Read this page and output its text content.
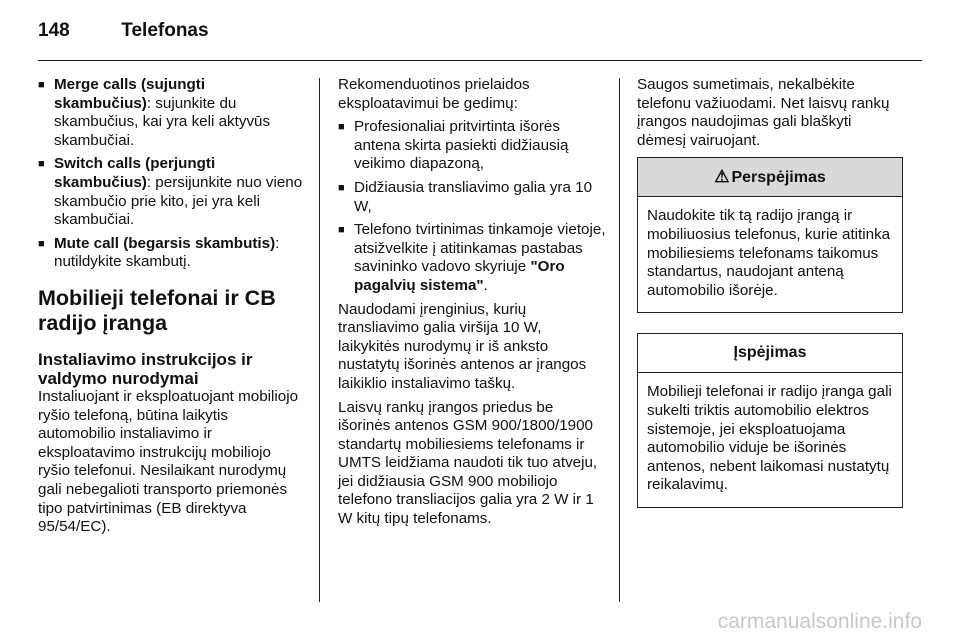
148	Telefonas
■ Merge calls (sujungti skambučius): sujunkite du skambučius, kai yra keli aktyvūs skambučiai.
■ Switch calls (perjungti skambučius): persijunkite nuo vieno skambučio prie kito, jei yra keli skambučiai.
■ Mute call (begarsis skambutis): nutildykite skambutį.
Mobilieji telefonai ir CB radijo įranga
Instaliavimo instrukcijos ir valdymo nurodymai

Instaliuojant ir eksploatuojant mobiliojo ryšio telefoną, būtina laikytis automobilio instaliavimo ir eksploatavimo instrukcijų mobiliojo ryšio telefonui. Nesilaikant nurodymų gali nebegalioti transporto priemonės tipo patvirtinimas (EB direktyva 95/54/EC).

Rekomenduotinos prielaidos eksploatavimui be gedimų:

■ Profesionaliai pritvirtinta išorės antena skirta pasiekti didžiausią veikimo diapazoną,
■ Didžiausia transliavimo galia yra 10 W,
■ Telefono tvirtinimas tinkamoje vietoje, atsižvelkite į atitinkamas pastabas savininko vadovo skyriuje "Oro pagalvių sistema".

Naudodami įrenginius, kurių transliavimo galia viršija 10 W, laikykitės nurodymų ir iš anksto nustatytų išorinės antenos ar įrangos laikiklio instaliavimo taškų.

Laisvų rankų įrangos priedus be išorinės antenos GSM 900/1800/1900 standartų mobiliesiems telefonams ir UMTS leidžiama naudoti tik tuo atveju, jei didžiausia GSM 900 mobiliojo telefono transliacijos galia yra 2 W ir 1 W kitų tipų telefonams.

Saugos sumetimais, nekalbėkite telefonu važiuodami. Net laisvų rankų įrangos naudojimas gali blaškyti dėmesį vairuojant.

⚠ Perspėjimas
Naudokite tik tą radijo įrangą ir mobiliuosius telefonus, kurie atitinka mobiliesiems telefonams taikomus standartus, naudojant anteną automobilio išorėje.
Įspėjimas
Mobilieji telefonai ir radijo įranga gali sukelti triktis automobilio elektros sistemoje, jei eksploatuojama automobilio viduje be išorinės antenos, nebent laikomasi nustatytų reikalavimų.
carmanualsonline.info
